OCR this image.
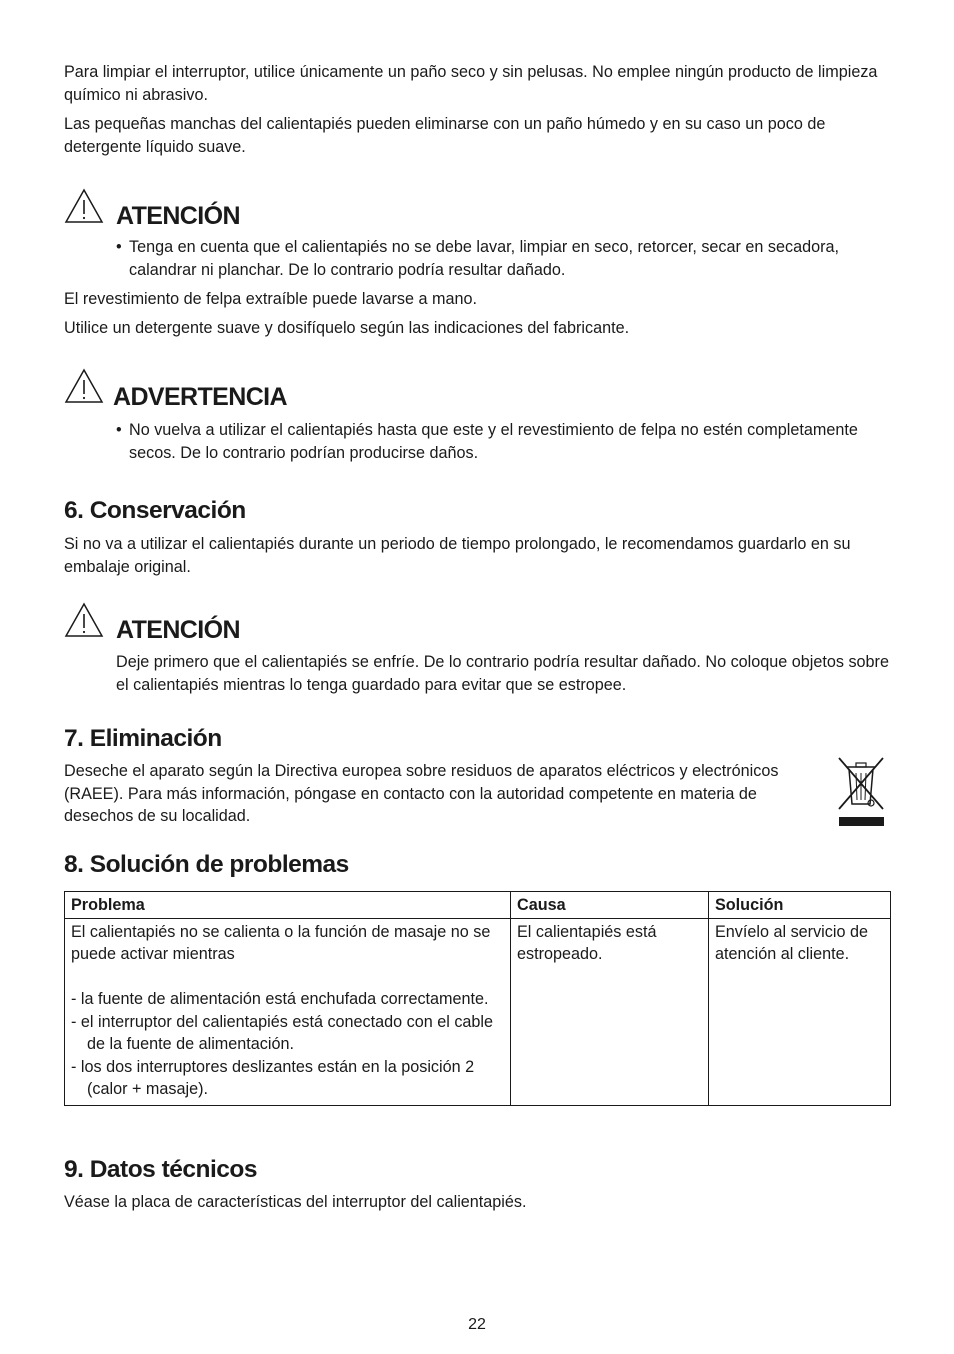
Para limpiar el interruptor, utilice únicamente un paño seco y sin pelusas. No emplee ningún producto de limpieza químico ni abrasivo.

Las pequeñas manchas del calientapiés pueden eliminarse con un paño húmedo y en su caso un poco de detergente líquido suave.

ATENCIÓN

• Tenga en cuenta que el calientapiés no se debe lavar, limpiar en seco, retorcer, secar en secadora, calandrar ni planchar. De lo contrario podría resultar dañado.

El revestimiento de felpa extraíble puede lavarse a mano.

Utilice un detergente suave y dosifíquelo según las indicaciones del fabricante.

ADVERTENCIA

• No vuelva a utilizar el calientapiés hasta que este y el revestimiento de felpa no estén completamente secos. De lo contrario podrían producirse daños.

6. Conservación

Si no va a utilizar el calientapiés durante un periodo de tiempo prolongado, le recomendamos guardarlo en su embalaje original.

ATENCIÓN

Deje primero que el calientapiés se enfríe. De lo contrario podría resultar dañado. No coloque objetos sobre el calientapiés mientras lo tenga guardado para evitar que se estropee.

7. Eliminación

Deseche el aparato según la Directiva europea sobre residuos de aparatos eléctricos y electrónicos (RAEE). Para más información, póngase en contacto con la autoridad competente en materia de desechos de su localidad.

8. Solución de problemas
Problema	Causa	Solución

El calientapiés no se calienta o la función de masaje no se puede activar mientras
- la fuente de alimentación está enchufada correctamente.
- el interruptor del calientapiés está conectado con el cable de la fuente de alimentación.
- los dos interruptores deslizantes están en la posición 2 (calor + masaje).	El calientapiés está estropeado.	Envíelo al servicio de atención al cliente.
9. Datos técnicos

Véase la placa de características del interruptor del calientapiés.

22
